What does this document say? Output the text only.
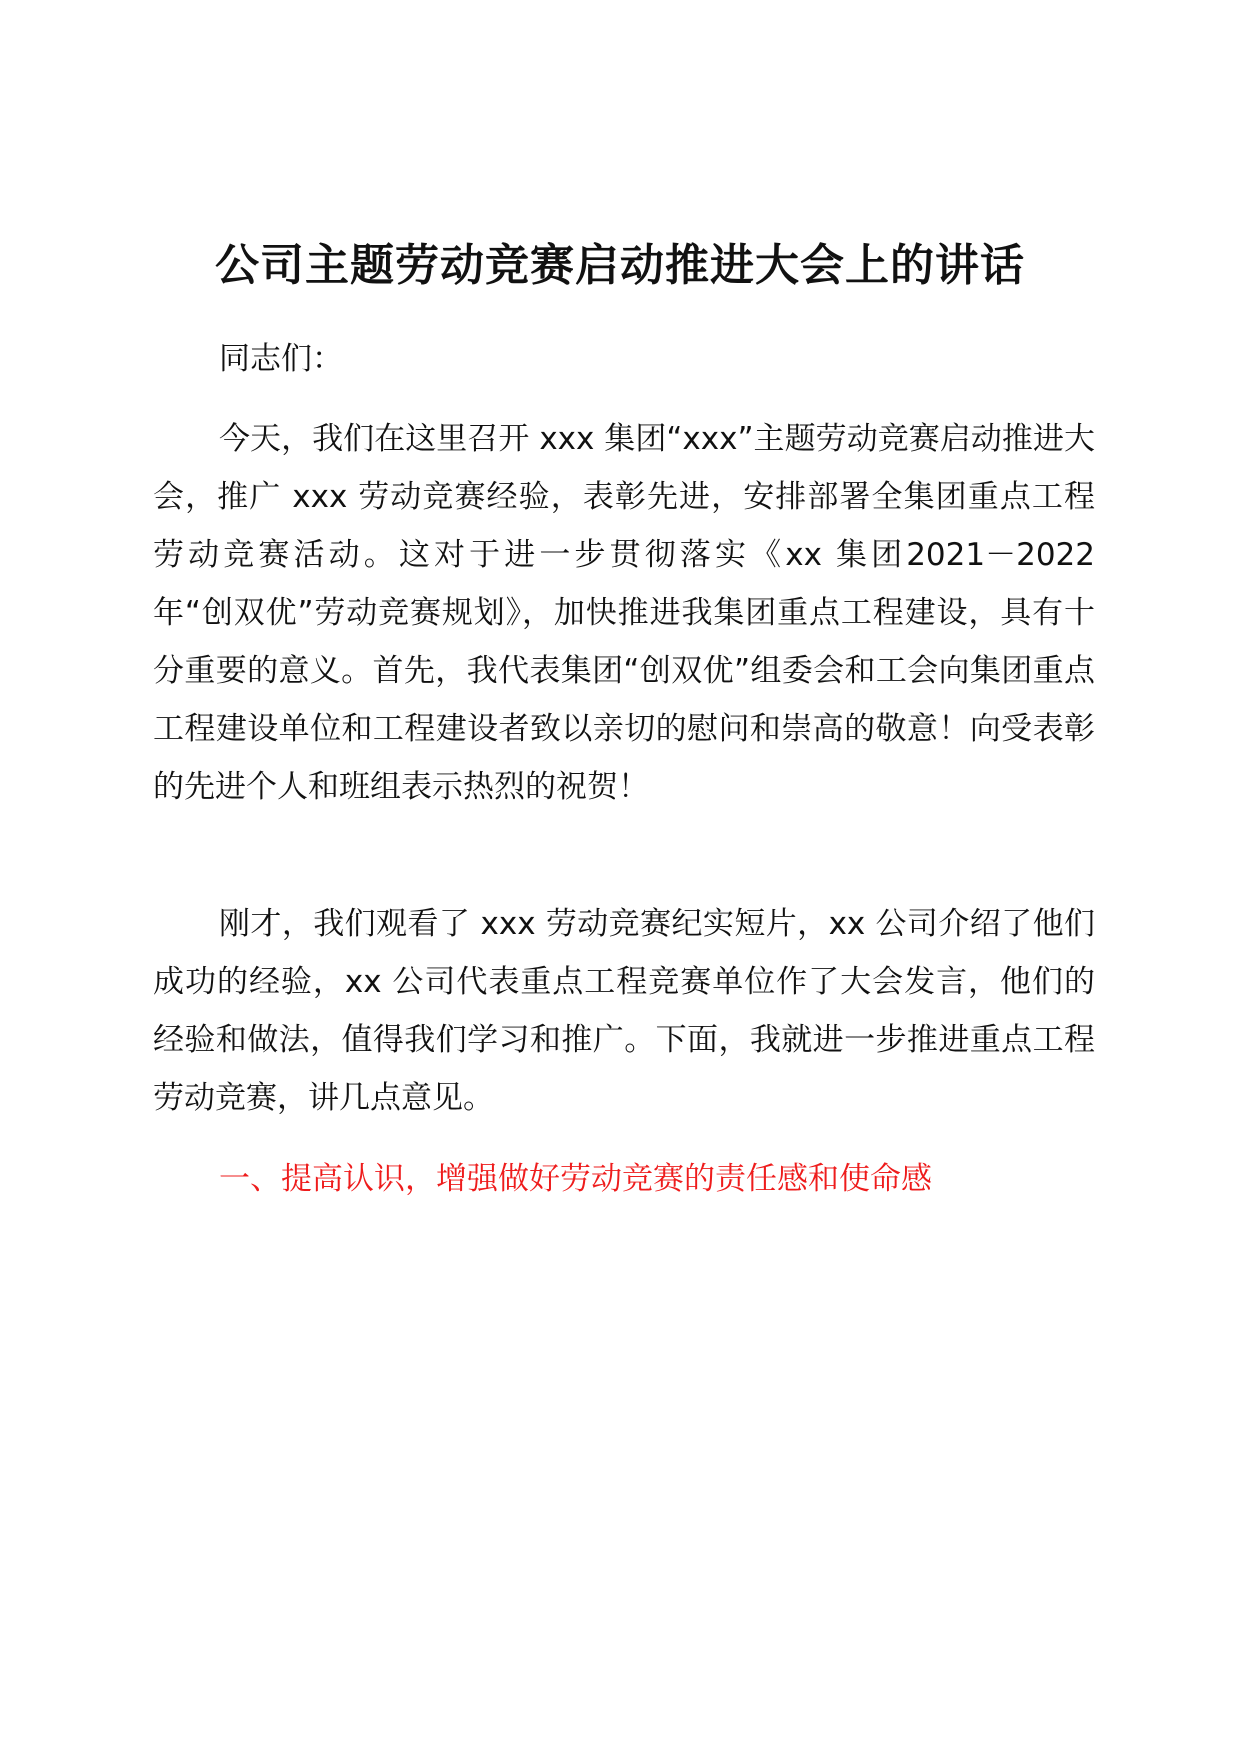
公司主题劳动竞赛启动推进大会上的讲话

同志们：

今天，我们在这里召开 xxx 集团“xxx”主题劳动竞赛启动推进大会，推广 xxx 劳动竞赛经验，表彰先进，安排部署全集团重点工程劳动竞赛活动。这对于进一步贯彻落实《xx 集团2021－2022 年“创双优”劳动竞赛规划》，加快推进我集团重点工程建设，具有十分重要的意义。首先，我代表集团“创双优”组委会和工会向集团重点工程建设单位和工程建设者致以亲切的慰问和崇高的敬意！向受表彰的先进个人和班组表示热烈的祝贺！

刚才，我们观看了 xxx 劳动竞赛纪实短片，xx 公司介绍了他们成功的经验，xx 公司代表重点工程竞赛单位作了大会发言，他们的经验和做法，值得我们学习和推广。下面，我就进一步推进重点工程劳动竞赛，讲几点意见。

一、提高认识，增强做好劳动竞赛的责任感和使命感
